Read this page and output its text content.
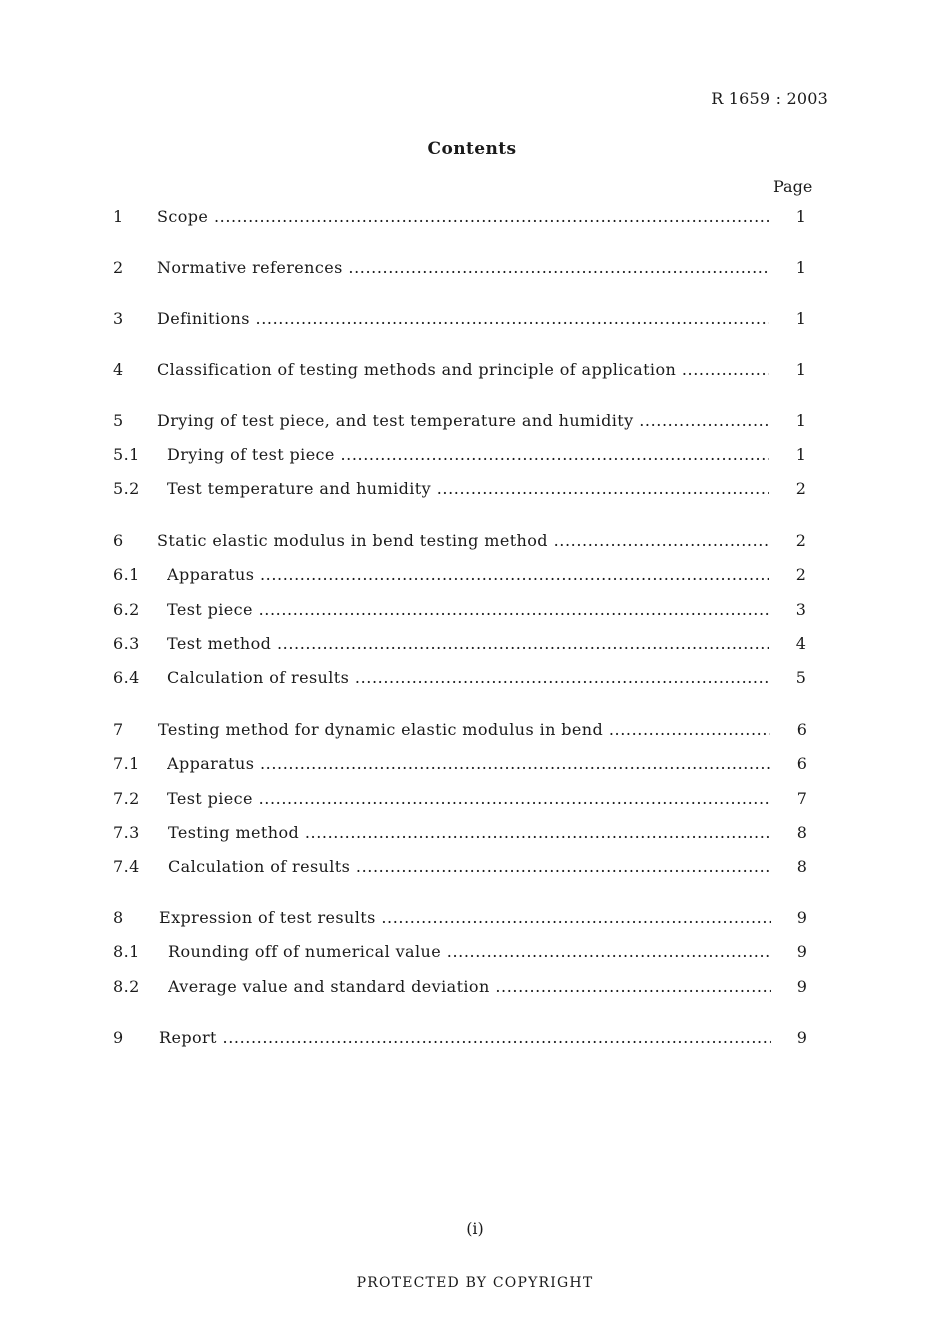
R 1659 : 2003
Contents
Page
1 Scope .....	1
2 Normative references .....	1
3 Definitions .....	1
4 Classification of testing methods and principle of application .....	1
5 Drying of test piece, and test temperature and humidity .....	1
5.1 Drying of test piece .....	1
5.2 Test temperature and humidity .....	2
6 Static elastic modulus in bend testing method .....	2
6.1 Apparatus .....	2
6.2 Test piece .....	3
6.3 Test method .....	4
6.4 Calculation of results .....	5
7 Testing method for dynamic elastic modulus in bend .....	6
7.1 Apparatus .....	6
7.2 Test piece .....	7
7.3 Testing method .....	8
7.4 Calculation of results .....	8
8 Expression of test results .....	9
8.1 Rounding off of numerical value .....	9
8.2 Average value and standard deviation .....	9
9 Report .....	9
(i)
PROTECTED BY COPYRIGHT
